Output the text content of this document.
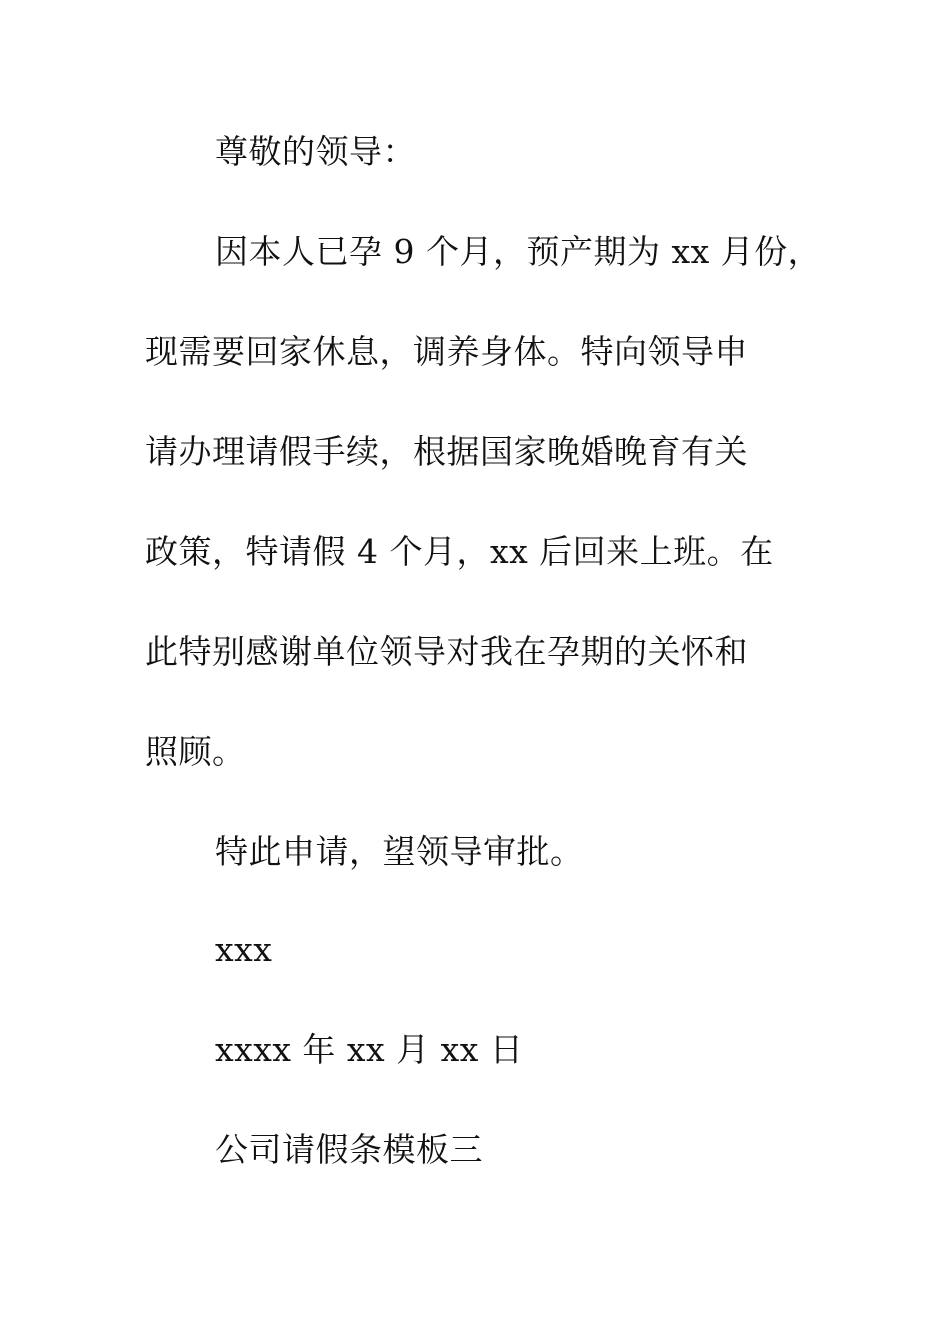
尊敬的领导：
因本人已孕 9 个月，预产期为 xx 月份，
现需要回家休息，调养身体。特向领导申
请办理请假手续，根据国家晚婚晚育有关
政策，特请假 4 个月，xx 后回来上班。在
此特别感谢单位领导对我在孕期的关怀和
照顾。
特此申请，望领导审批。
xxx
xxxx 年 xx 月 xx 日
公司请假条模板三
